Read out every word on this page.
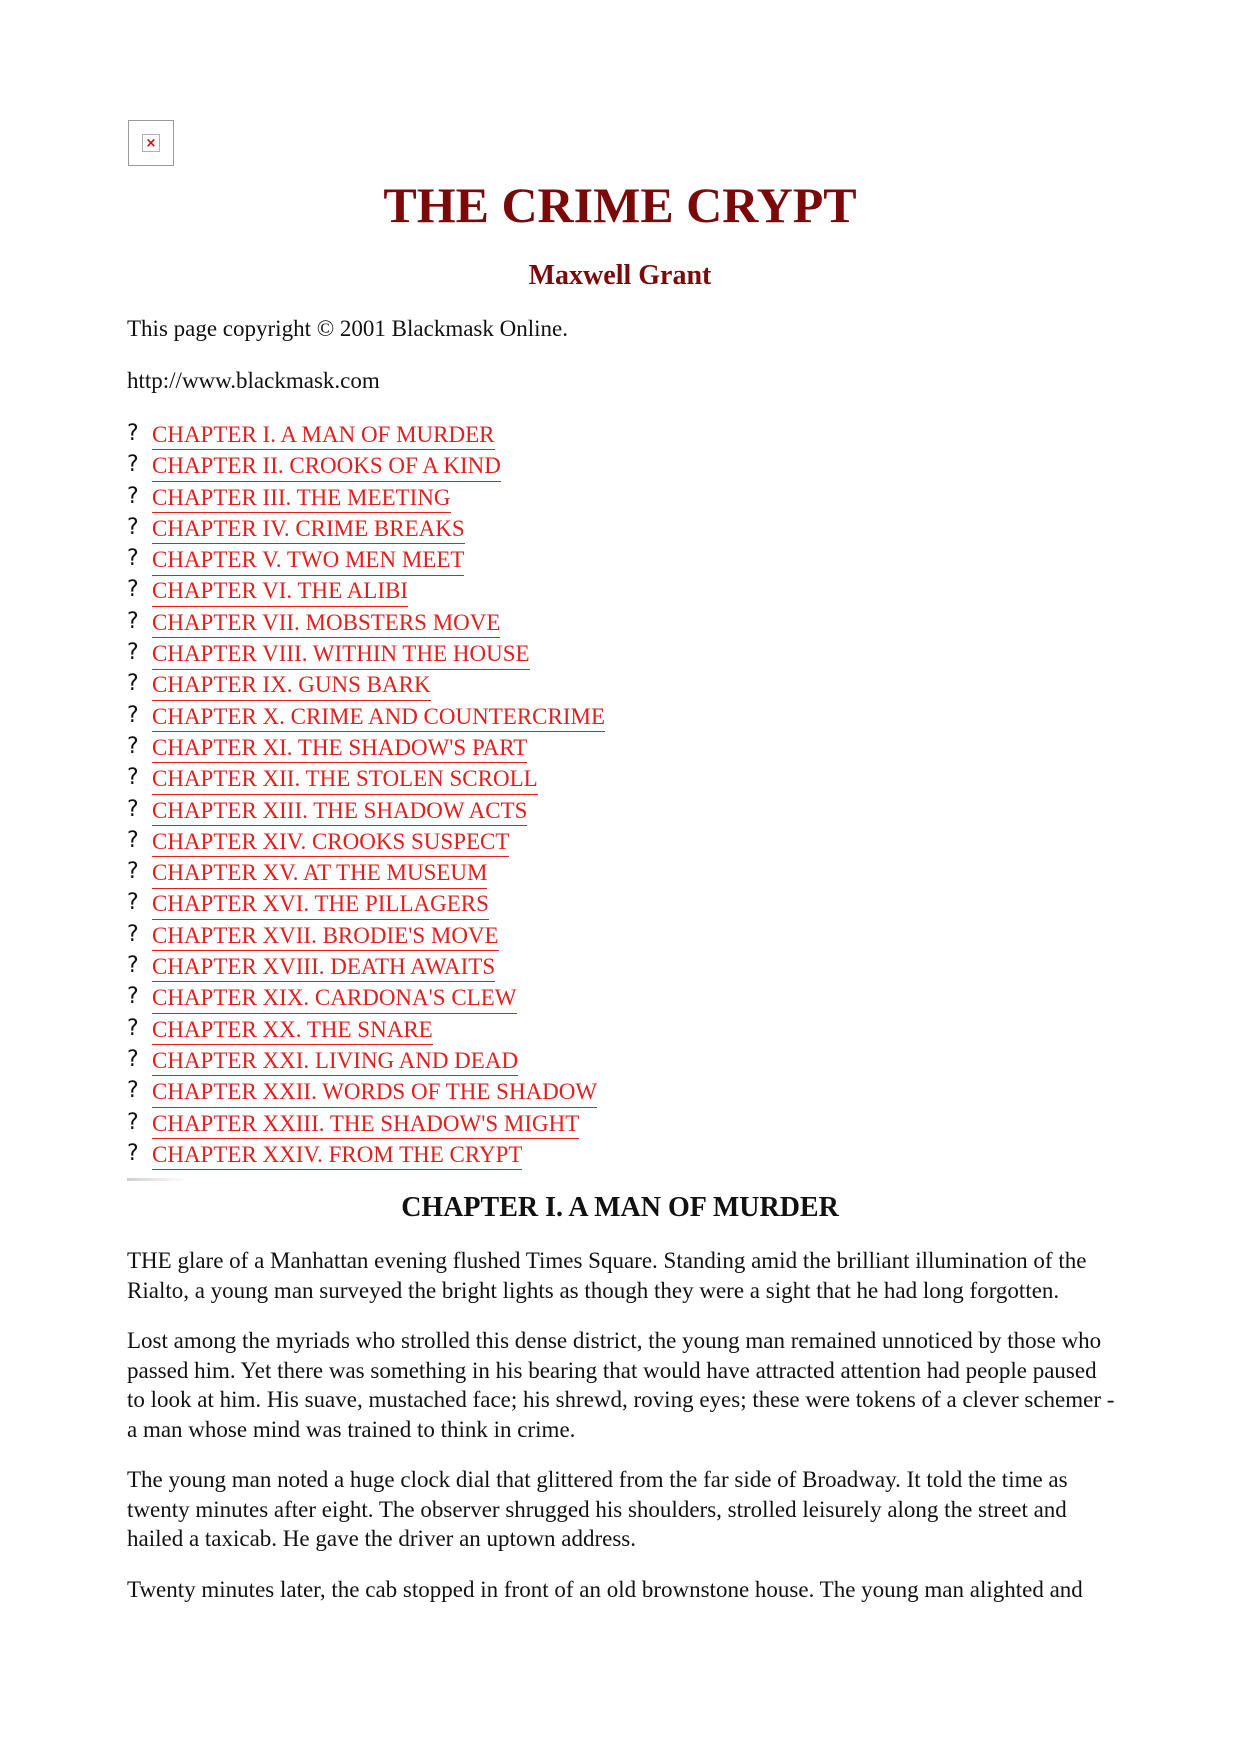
×
THE CRIME CRYPT
Maxwell Grant
This page copyright © 2001 Blackmask Online.
http://www.blackmask.com
? CHAPTER I. A MAN OF MURDER
? CHAPTER II. CROOKS OF A KIND
? CHAPTER III. THE MEETING
? CHAPTER IV. CRIME BREAKS
? CHAPTER V. TWO MEN MEET
? CHAPTER VI. THE ALIBI
? CHAPTER VII. MOBSTERS MOVE
? CHAPTER VIII. WITHIN THE HOUSE
? CHAPTER IX. GUNS BARK
? CHAPTER X. CRIME AND COUNTERCRIME
? CHAPTER XI. THE SHADOW'S PART
? CHAPTER XII. THE STOLEN SCROLL
? CHAPTER XIII. THE SHADOW ACTS
? CHAPTER XIV. CROOKS SUSPECT
? CHAPTER XV. AT THE MUSEUM
? CHAPTER XVI. THE PILLAGERS
? CHAPTER XVII. BRODIE'S MOVE
? CHAPTER XVIII. DEATH AWAITS
? CHAPTER XIX. CARDONA'S CLEW
? CHAPTER XX. THE SNARE
? CHAPTER XXI. LIVING AND DEAD
? CHAPTER XXII. WORDS OF THE SHADOW
? CHAPTER XXIII. THE SHADOW'S MIGHT
? CHAPTER XXIV. FROM THE CRYPT
CHAPTER I. A MAN OF MURDER

THE glare of a Manhattan evening flushed Times Square. Standing amid the brilliant illumination of the Rialto, a young man surveyed the bright lights as though they were a sight that he had long forgotten.

Lost among the myriads who strolled this dense district, the young man remained unnoticed by those who passed him. Yet there was something in his bearing that would have attracted attention had people paused to look at him. His suave, mustached face; his shrewd, roving eyes; these were tokens of a clever schemer - a man whose mind was trained to think in crime.

The young man noted a huge clock dial that glittered from the far side of Broadway. It told the time as twenty minutes after eight. The observer shrugged his shoulders, strolled leisurely along the street and hailed a taxicab. He gave the driver an uptown address.

Twenty minutes later, the cab stopped in front of an old brownstone house. The young man alighted and
